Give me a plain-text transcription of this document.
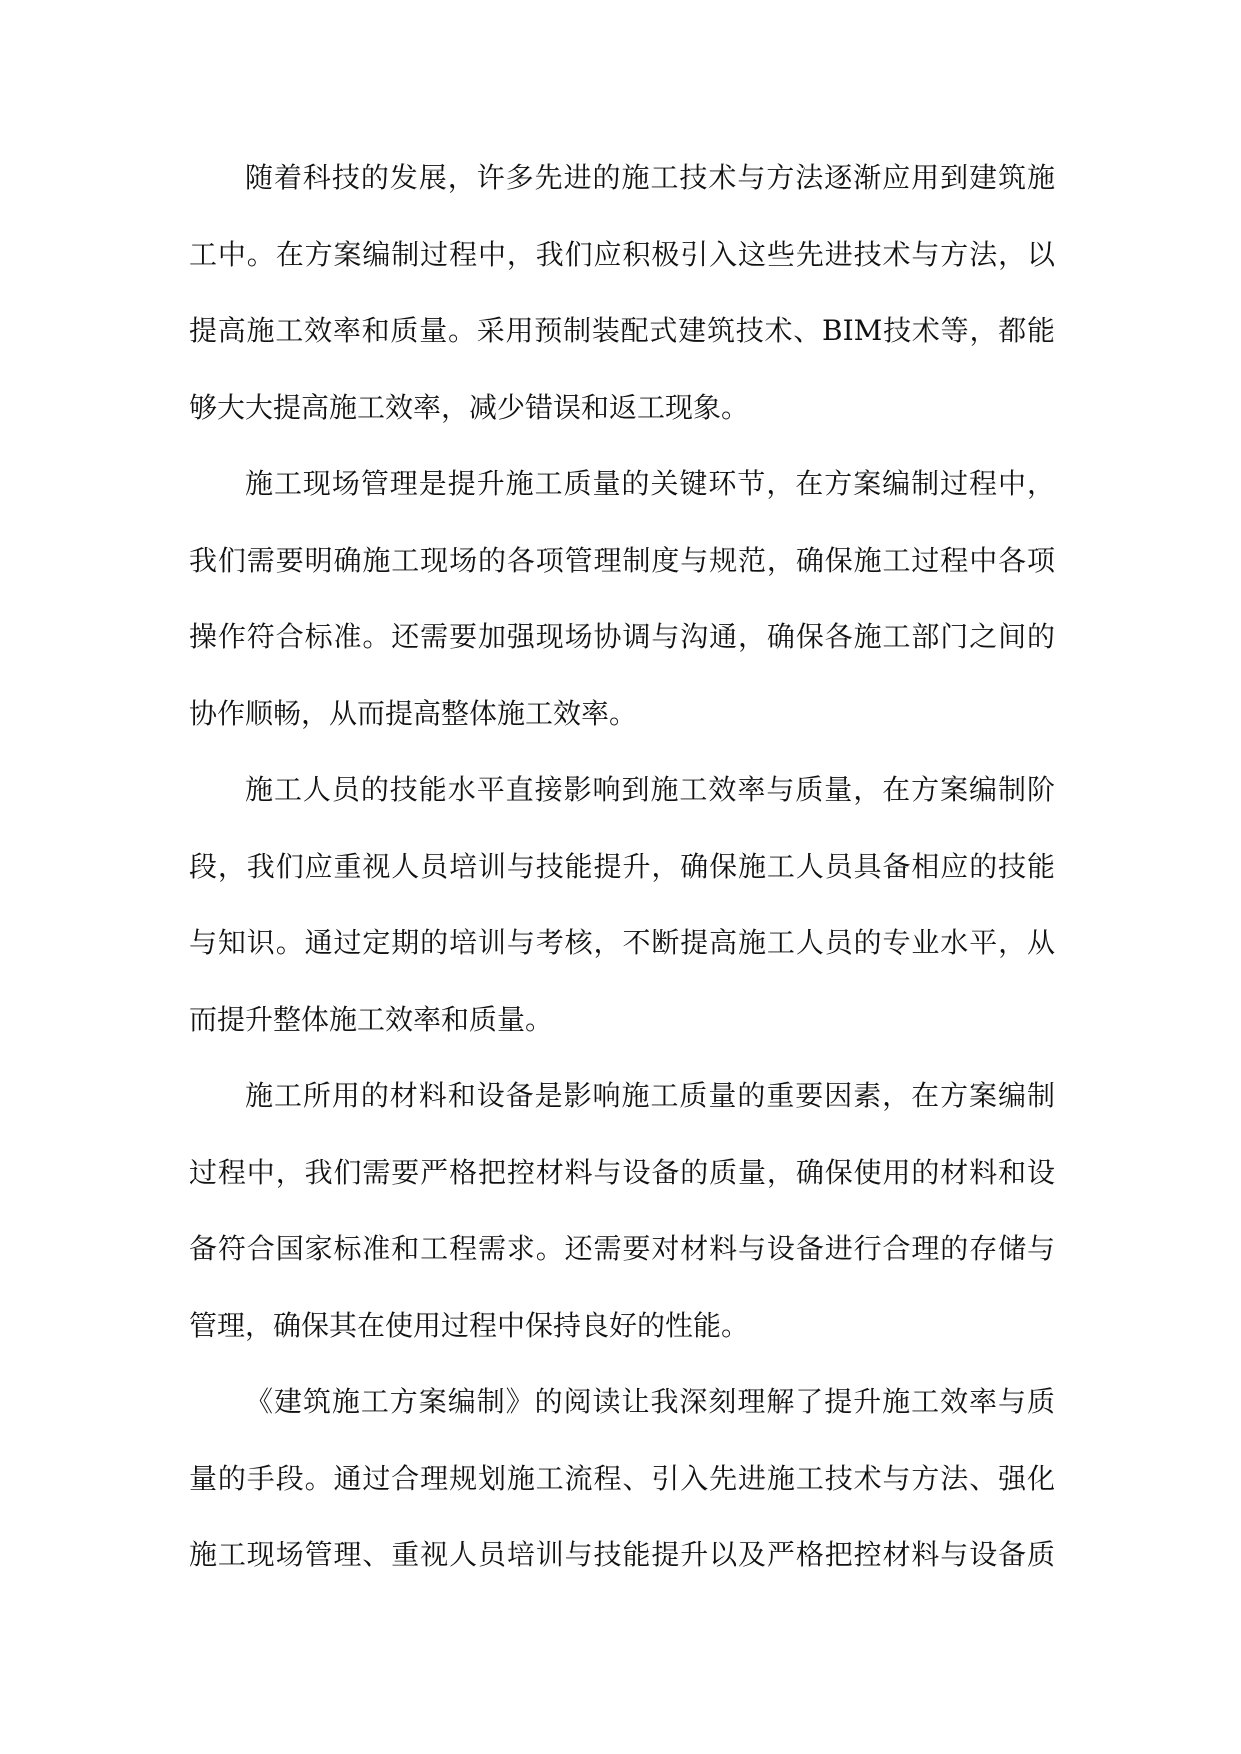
随着科技的发展，许多先进的施工技术与方法逐渐应用到建筑施
工中。在方案编制过程中，我们应积极引入这些先进技术与方法，以
提高施工效率和质量。采用预制装配式建筑技术、BIM技术等，都能
够大大提高施工效率，减少错误和返工现象。

施工现场管理是提升施工质量的关键环节，在方案编制过程中，
我们需要明确施工现场的各项管理制度与规范，确保施工过程中各项
操作符合标准。还需要加强现场协调与沟通，确保各施工部门之间的
协作顺畅，从而提高整体施工效率。

施工人员的技能水平直接影响到施工效率与质量，在方案编制阶
段，我们应重视人员培训与技能提升，确保施工人员具备相应的技能
与知识。通过定期的培训与考核，不断提高施工人员的专业水平，从
而提升整体施工效率和质量。

施工所用的材料和设备是影响施工质量的重要因素，在方案编制
过程中，我们需要严格把控材料与设备的质量，确保使用的材料和设
备符合国家标准和工程需求。还需要对材料与设备进行合理的存储与
管理，确保其在使用过程中保持良好的性能。

《建筑施工方案编制》的阅读让我深刻理解了提升施工效率与质
量的手段。通过合理规划施工流程、引入先进施工技术与方法、强化
施工现场管理、重视人员培训与技能提升以及严格把控材料与设备质
